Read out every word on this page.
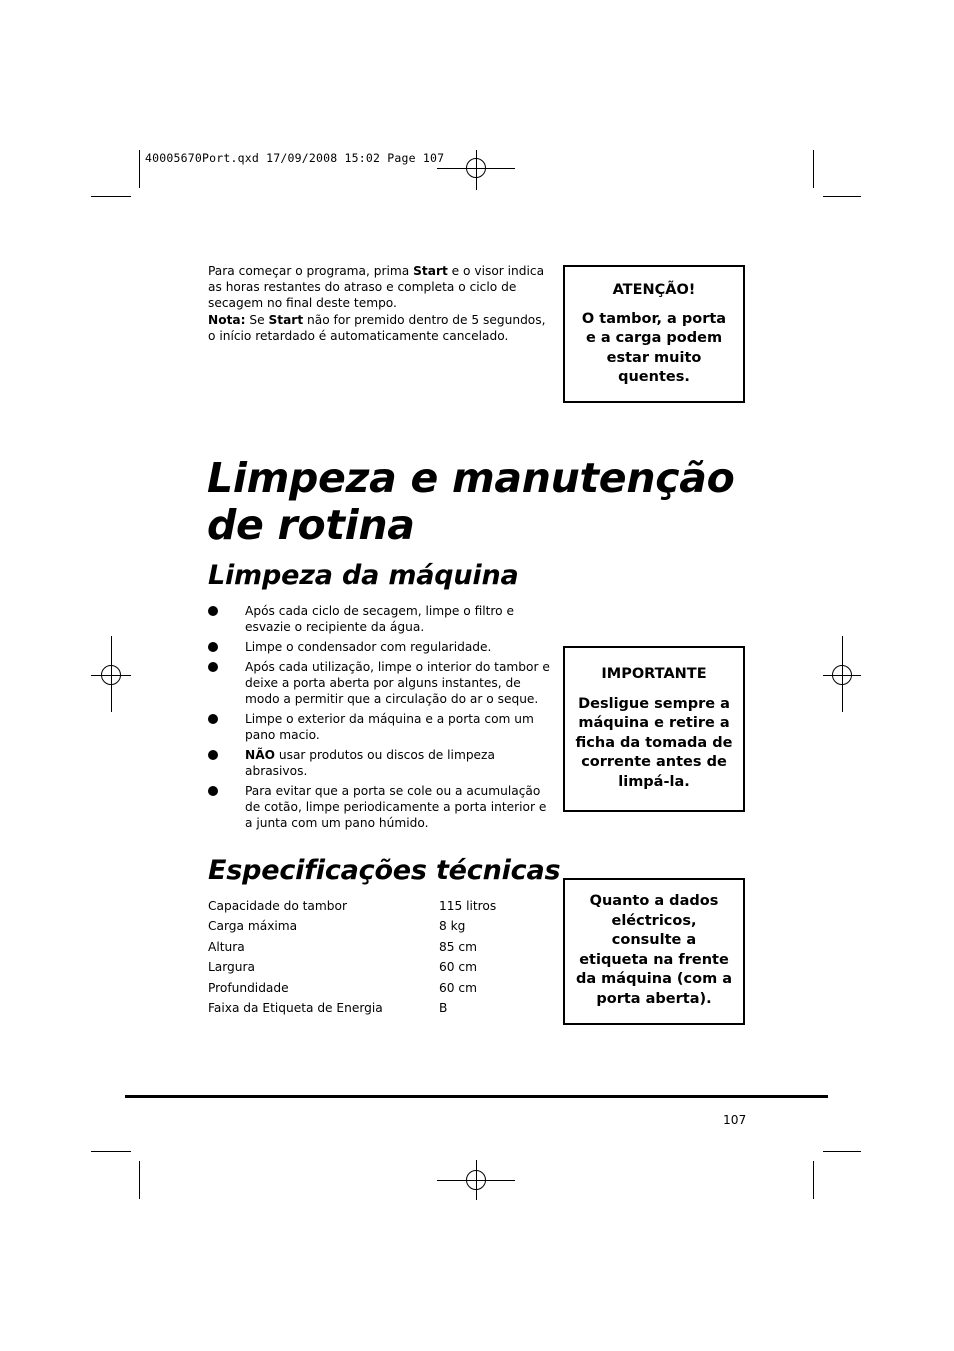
40005670Port.qxd 17/09/2008 15:02 Page 107

Para começar o programa, prima Start e o visor indica as horas restantes do atraso e completa o ciclo de secagem no final deste tempo.

Nota: Se Start não for premido dentro de 5 segundos, o início retardado é automaticamente cancelado.

ATENÇÃO!
O tambor, a porta e a carga podem estar muito quentes.
Limpeza e manutenção de rotina
Limpeza da máquina
Após cada ciclo de secagem, limpe o filtro e esvazie o recipiente da água.
Limpe o condensador com regularidade.
Após cada utilização, limpe o interior do tambor e deixe a porta aberta por alguns instantes, de modo a permitir que a circulação do ar o seque.
Limpe o exterior da máquina e a porta com um pano macio.
NÃO usar produtos ou discos de limpeza abrasivos.
Para evitar que a porta se cole ou a acumulação de cotão, limpe periodicamente a porta interior e a junta com um pano húmido.
IMPORTANTE
Desligue sempre a máquina e retire a ficha da tomada de corrente antes de limpá-la.
Especificações técnicas
Capacidade do tambor	115 litros
Carga máxima	8 kg
Altura	85 cm
Largura	60 cm
Profundidade	60 cm
Faixa da Etiqueta de Energia	B
Quanto a dados eléctricos, consulte a etiqueta na frente da máquina (com a porta aberta).
107
